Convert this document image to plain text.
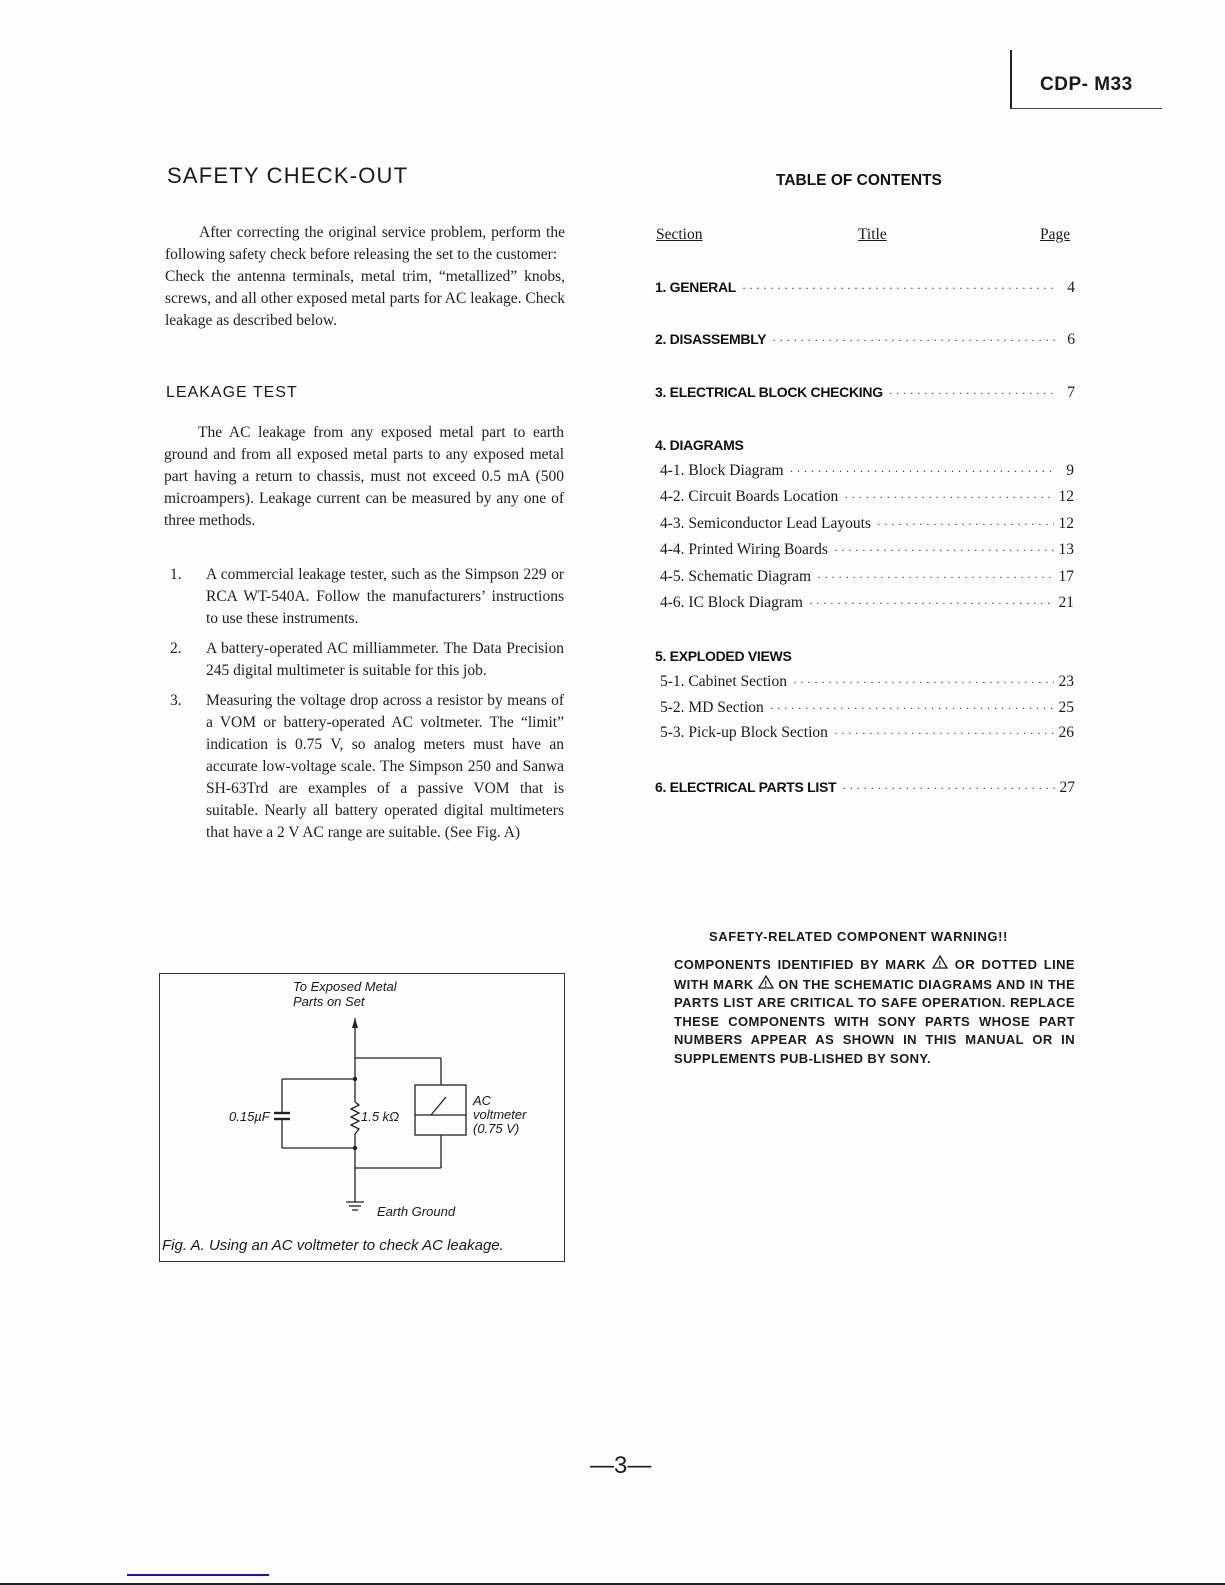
CDP- M33
SAFETY CHECK-OUT
After correcting the original service problem, perform the following safety check before releasing the set to the customer:
Check the antenna terminals, metal trim, “metallized” knobs, screws, and all other exposed metal parts for AC leakage. Check leakage as described below.
LEAKAGE TEST
The AC leakage from any exposed metal part to earth ground and from all exposed metal parts to any exposed metal part having a return to chassis, must not exceed 0.5 mA (500 microampers). Leakage current can be measured by any one of three methods.
1. A commercial leakage tester, such as the Simpson 229 or RCA WT-540A. Follow the manufacturers’ instructions to use these instruments.
2. A battery-operated AC milliammeter. The Data Precision 245 digital multimeter is suitable for this job.
3. Measuring the voltage drop across a resistor by means of a VOM or battery-operated AC voltmeter. The “limit” indication is 0.75 V, so analog meters must have an accurate low-voltage scale. The Simpson 250 and Sanwa SH-63Trd are examples of a passive VOM that is suitable. Nearly all battery operated digital multimeters that have a 2 V AC range are suitable. (See Fig. A)
To Exposed Metal
Parts on Set
0.15µF	1.5 kΩ
AC
voltmeter
(0.75 V)
Earth Ground
Fig. A. Using an AC voltmeter to check AC leakage.
TABLE OF CONTENTS
Section	Title	Page
1. GENERAL ·····	4
2. DISASSEMBLY ·····	6
3. ELECTRICAL BLOCK CHECKING ·····	7
4. DIAGRAMS
4-1. Block Diagram ·····	9
4-2. Circuit Boards Location ·····	12
4-3. Semiconductor Lead Layouts ·····	12
4-4. Printed Wiring Boards ·····	13
4-5. Schematic Diagram ·····	17
4-6. IC Block Diagram ·····	21
5. EXPLODED VIEWS
5-1. Cabinet Section ·····	23
5-2. MD Section ·····	25
5-3. Pick-up Block Section ·····	26
6. ELECTRICAL PARTS LIST ·····	27
SAFETY-RELATED COMPONENT WARNING!!
COMPONENTS IDENTIFIED BY MARK ! OR DOTTED LINE WITH MARK ! ON THE SCHEMATIC DIAGRAMS AND IN THE PARTS LIST ARE CRITICAL TO SAFE OPERATION. REPLACE THESE COMPONENTS WITH SONY PARTS WHOSE PART NUMBERS APPEAR AS SHOWN IN THIS MANUAL OR IN SUPPLEMENTS PUB-LISHED BY SONY.
—3—
